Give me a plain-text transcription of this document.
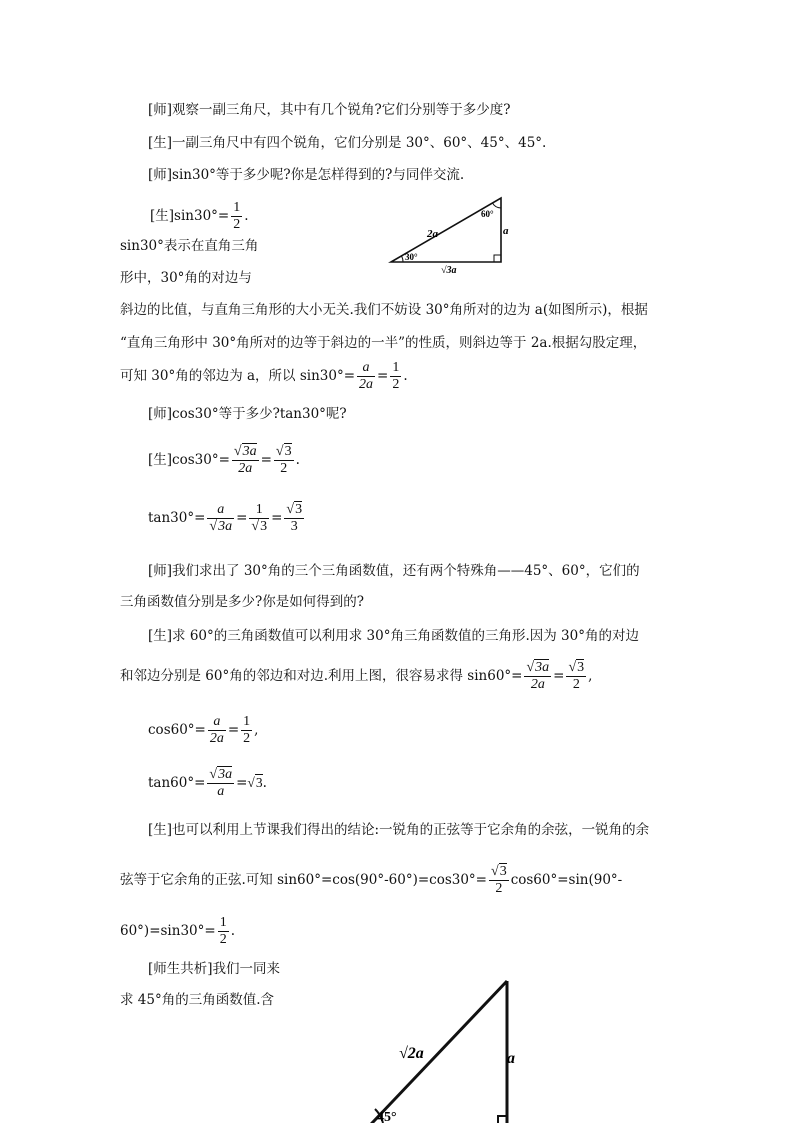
[师]观察一副三角尺，其中有几个锐角?它们分别等于多少度?
[生]一副三角尺中有四个锐角，它们分别是 30°、60°、45°、45°.
[师]sin30°等于多少呢?你是怎样得到的?与同伴交流.
[生]$\sin 30^\circ= \frac{1}{2}$ .
2a	a
√3a
60°
30°
sin30°表示在直角三角
形中，30°角的对边与
斜边的比值，与直角三角形的大小无关.我们不妨设 30°角所对的边为 a(如图所示)，根据
“直角三角形中 30°角所对的边等于斜边的一半”的性质，则斜边等于 2a.根据勾股定理，
可知 30°角的邻边为 a，所以 $\sin 30^\circ= \frac{a}{2a} = \frac{1}{2}$ .
[师]cos30°等于多少?tan30°呢?
[生]$\cos 30^\circ= \frac{√3a}{2a} = \frac{√3}{2}$ .
$\tan 30^\circ= \frac{a}{√3a} = \frac{1}{√3} = \frac{√3}{3}$
[师]我们求出了 30°角的三个三角函数值，还有两个特殊角——45°、60°，它们的
三角函数值分别是多少?你是如何得到的?
[生]求 60°的三角函数值可以利用求 30°角三角函数值的三角形.因为 30°角的对边
和邻边分别是 60°角的邻边和对边.利用上图，很容易求得 $\sin 60^\circ= \frac{√3a}{2a} = \frac{√3}{2}$ ,
$\cos 60^\circ= \frac{a}{2a} = \frac{1}{2}$ ,
$\tan 60^\circ= \frac{√3a}{a} =√3$.
[生]也可以利用上节课我们得出的结论:一锐角的正弦等于它余角的余弦，一锐角的余
弦等于它余角的正弦.可知 $\sin 60^\circ=\cos(90^\circ-60^\circ)=\cos 30^\circ= \frac{√3}{2} \cos 60^\circ=\sin(90^\circ-$
$60^\circ)=\sin 30^\circ= \frac{1}{2}$ .
[师生共析]我们一同来
求 45°角的三角函数值.含
√2a	a
45°
